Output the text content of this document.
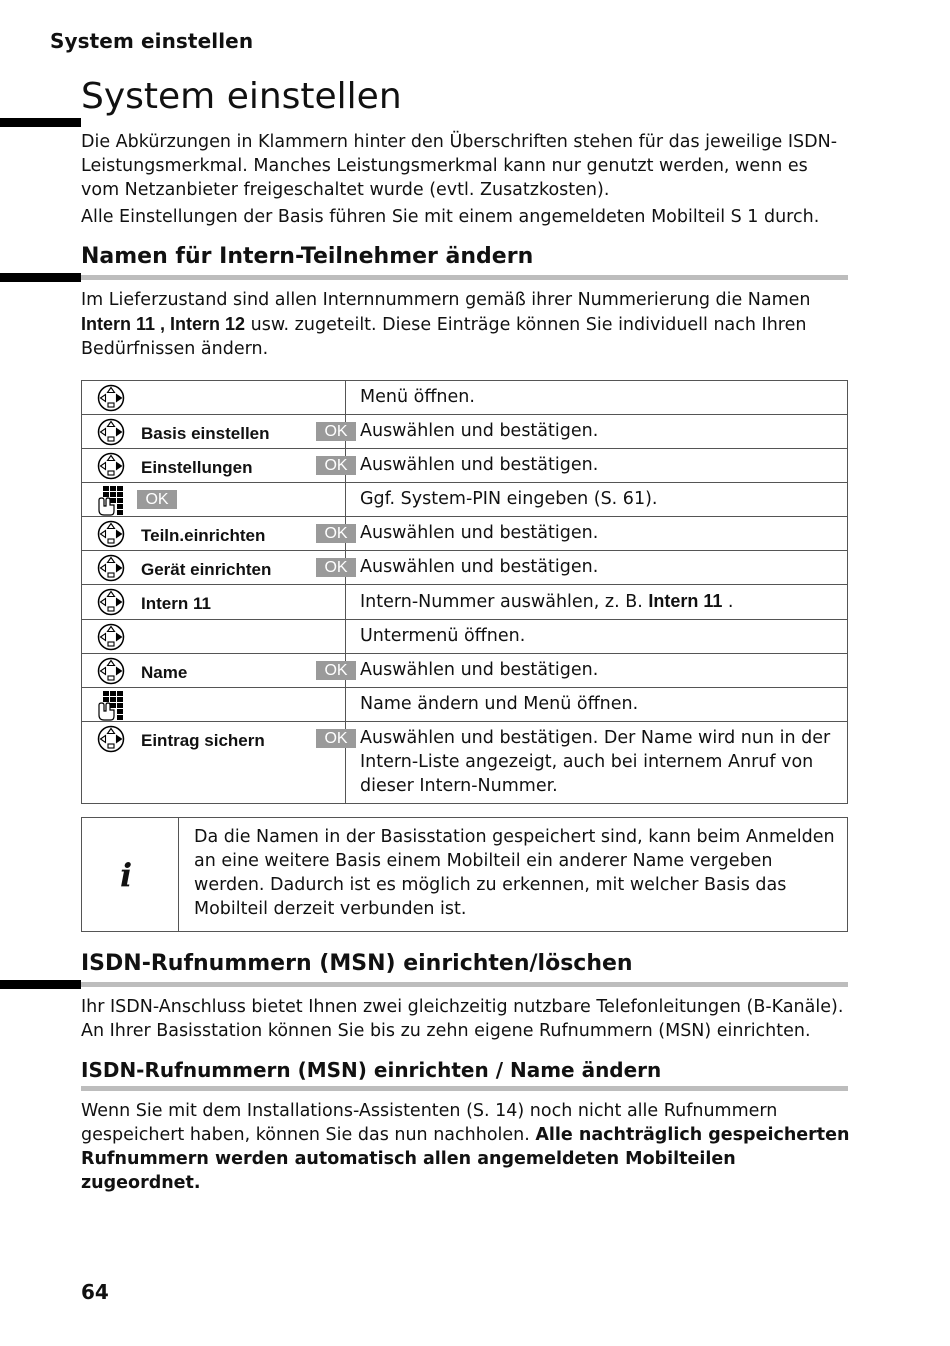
System einstellen
System einstellen
Die Abkürzungen in Klammern hinter den Überschriften stehen für das jeweilige ISDN-Leistungsmerkmal. Manches Leistungsmerkmal kann nur genutzt werden, wenn es vom Netzanbieter freigeschaltet wurde (evtl. Zusatzkosten).
Alle Einstellungen der Basis führen Sie mit einem angemeldeten Mobilteil S 1 durch.
Namen für Intern-Teilnehmer ändern
Im Lieferzustand sind allen Internnummern gemäß ihrer Nummerierung die Namen Intern 11 , Intern 12 usw. zugeteilt. Diese Einträge können Sie individuell nach Ihren Bedürfnissen ändern.
	Menü öffnen.

Basis einstellen OK	Auswählen und bestätigen.

Einstellungen OK	Auswählen und bestätigen.

OK	Ggf. System-PIN eingeben (S. 61).

Teiln.einrichten OK	Auswählen und bestätigen.

Gerät einrichten OK	Auswählen und bestätigen.

Intern 11	Intern-Nummer auswählen, z. B. Intern 11 .

	Untermenü öffnen.

Name OK	Auswählen und bestätigen.

	Name ändern und Menü öffnen.

Eintrag sichern OK	Auswählen und bestätigen. Der Name wird nun in der Intern-Liste angezeigt, auch bei internem Anruf von dieser Intern-Nummer.
i
Da die Namen in der Basisstation gespeichert sind, kann beim Anmelden an eine weitere Basis einem Mobilteil ein anderer Name vergeben werden. Dadurch ist es möglich zu erkennen, mit welcher Basis das Mobilteil derzeit verbunden ist.
ISDN-Rufnummern (MSN) einrichten/löschen
Ihr ISDN-Anschluss bietet Ihnen zwei gleichzeitig nutzbare Telefonleitungen (B-Kanäle). An Ihrer Basisstation können Sie bis zu zehn eigene Rufnummern (MSN) einrichten.
ISDN-Rufnummern (MSN) einrichten / Name ändern
Wenn Sie mit dem Installations-Assistenten (S. 14) noch nicht alle Rufnummern gespeichert haben, können Sie das nun nachholen. Alle nachträglich gespeicherten Rufnummern werden automatisch allen angemeldeten Mobilteilen zugeordnet.
64
